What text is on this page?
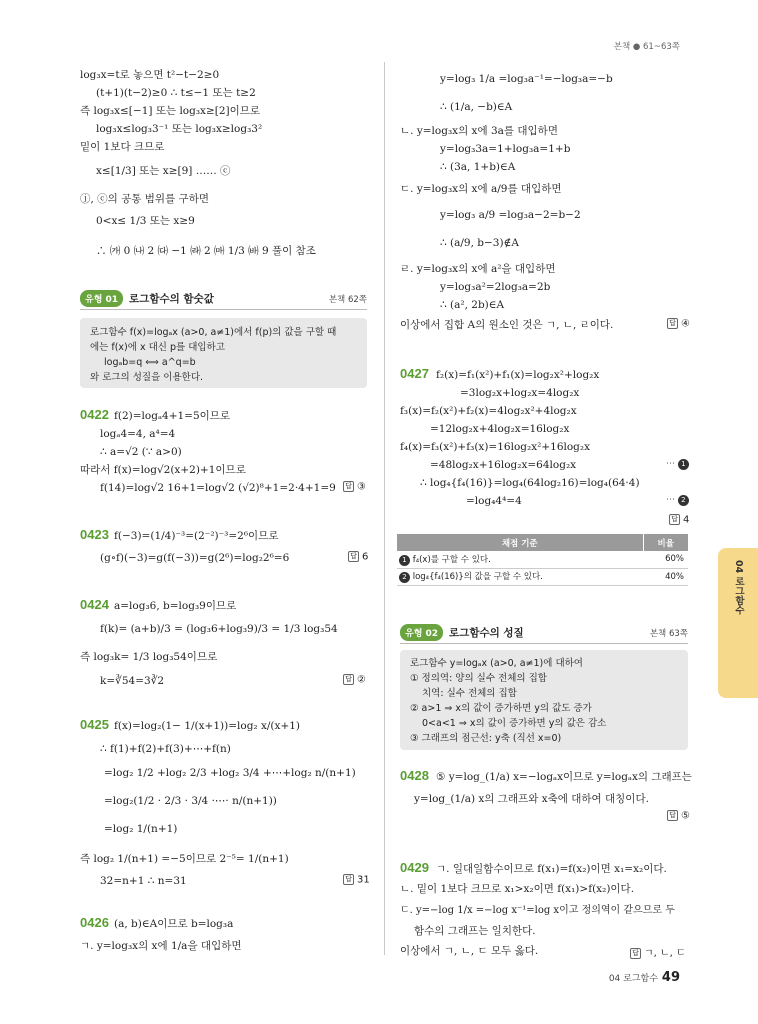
본책 ● 61~63쪽
log₃x=t로 놓으면 t²−t−2≥0
(t+1)(t−2)≥0 ∴ t≤−1 또는 t≥2
즉 log₃x≤[−1] 또는 log₃x≥[2]이므로
log₃x≤log₃3⁻¹ 또는 log₃x≥log₃3²
밑이 1보다 크므로
x≤[1/3] 또는 x≥[9] …… ⓒ
ⓙ, ⓒ의 공통 범위를 구하면
0<x≤ 1/3 또는 x≥9
∴ ㈎ 0 ㈏ 2 ㈐ −1 ㈑ 2 ㈒ 1/3 ㈓ 9 풀이 참조
유형 01	로그함수의 함숫값	본책 62쪽
로그함수 f(x)=logₐx (a>0, a≠1)에서 f(p)의 값을 구할 때
에는 f(x)에 x 대신 p를 대입하고
logₐb=q ⟺ a^q=b
와 로그의 성질을 이용한다.
0422 f(2)=logₐ4+1=5이므로
logₐ4=4, a⁴=4
∴ a=√2 (∵ a>0)
따라서 f(x)=log√2(x+2)+1이므로
f(14)=log√2 16+1=log√2 (√2)⁸+1=2·4+1=9	답 ③
0423 f(−3)=(1/4)⁻³=(2⁻²)⁻³=2⁶이므로
(g∘f)(−3)=g(f(−3))=g(2⁶)=log₂2⁶=6	답 6
0424 a=log₃6, b=log₃9이므로
f(k)= (a+b)/3 = (log₃6+log₃9)/3 = 1/3 log₃54
즉 log₃k= 1/3 log₃54이므로
k=∛54=3∛2	답 ②
0425 f(x)=log₂(1− 1/(x+1))=log₂ x/(x+1)
∴ f(1)+f(2)+f(3)+⋯+f(n)
=log₂ 1/2 +log₂ 2/3 +log₂ 3/4 +⋯+log₂ n/(n+1)
=log₂(1/2 · 2/3 · 3/4 ·⋯· n/(n+1))
=log₂ 1/(n+1)
즉 log₂ 1/(n+1) =−5이므로 2⁻⁵= 1/(n+1)
32=n+1 ∴ n=31	답 31
0426 (a, b)∈A이므로 b=log₃a
ㄱ. y=log₃x의 x에 1/a을 대입하면
y=log₃ 1/a =log₃a⁻¹=−log₃a=−b
∴ (1/a, −b)∈A
ㄴ. y=log₃x의 x에 3a를 대입하면
y=log₃3a=1+log₃a=1+b
∴ (3a, 1+b)∈A
ㄷ. y=log₃x의 x에 a/9를 대입하면
y=log₃ a/9 =log₃a−2=b−2
∴ (a/9, b−3)∉A
ㄹ. y=log₃x의 x에 a²을 대입하면
y=log₃a²=2log₃a=2b
∴ (a², 2b)∈A
이상에서 집합 A의 원소인 것은 ㄱ, ㄴ, ㄹ이다.	답 ④
0427 f₂(x)=f₁(x²)+f₁(x)=log₂x²+log₂x
=3log₂x+log₂x=4log₂x
f₃(x)=f₂(x²)+f₂(x)=4log₂x²+4log₂x
=12log₂x+4log₂x=16log₂x
f₄(x)=f₃(x²)+f₃(x)=16log₂x²+16log₂x
=48log₂x+16log₂x=64log₂x
∴ log₄{f₄(16)}=log₄(64log₂16)=log₄(64·4)
=log₄4⁴=4
⋯ 1
⋯ 2
답 4
채점 기준	비율
1 f₄(x)를 구할 수 있다.	60%
2 log₄{f₄(16)}의 값을 구할 수 있다.	40%
유형 02	로그함수의 성질	본책 63쪽
로그함수 y=logₐx (a>0, a≠1)에 대하여
① 정의역: 양의 실수 전체의 집합
치역: 실수 전체의 집합
② a>1 ⇒ x의 값이 증가하면 y의 값도 증가
0<a<1 ⇒ x의 값이 증가하면 y의 값은 감소
③ 그래프의 점근선: y축 (직선 x=0)
0428 ⑤ y=log_(1/a) x=−logₐx이므로 y=logₐx의 그래프는
y=log_(1/a) x의 그래프와 x축에 대하여 대칭이다.
답 ⑤
0429 ㄱ. 일대일함수이므로 f(x₁)=f(x₂)이면 x₁=x₂이다.
ㄴ. 밑이 1보다 크므로 x₁>x₂이면 f(x₁)>f(x₂)이다.
ㄷ. y=−log 1/x =−log x⁻¹=log x이고 정의역이 같으므로 두
함수의 그래프는 일치한다.
이상에서 ㄱ, ㄴ, ㄷ 모두 옳다.	답 ㄱ, ㄴ, ㄷ
04 로그함수
04 로그함수 49
